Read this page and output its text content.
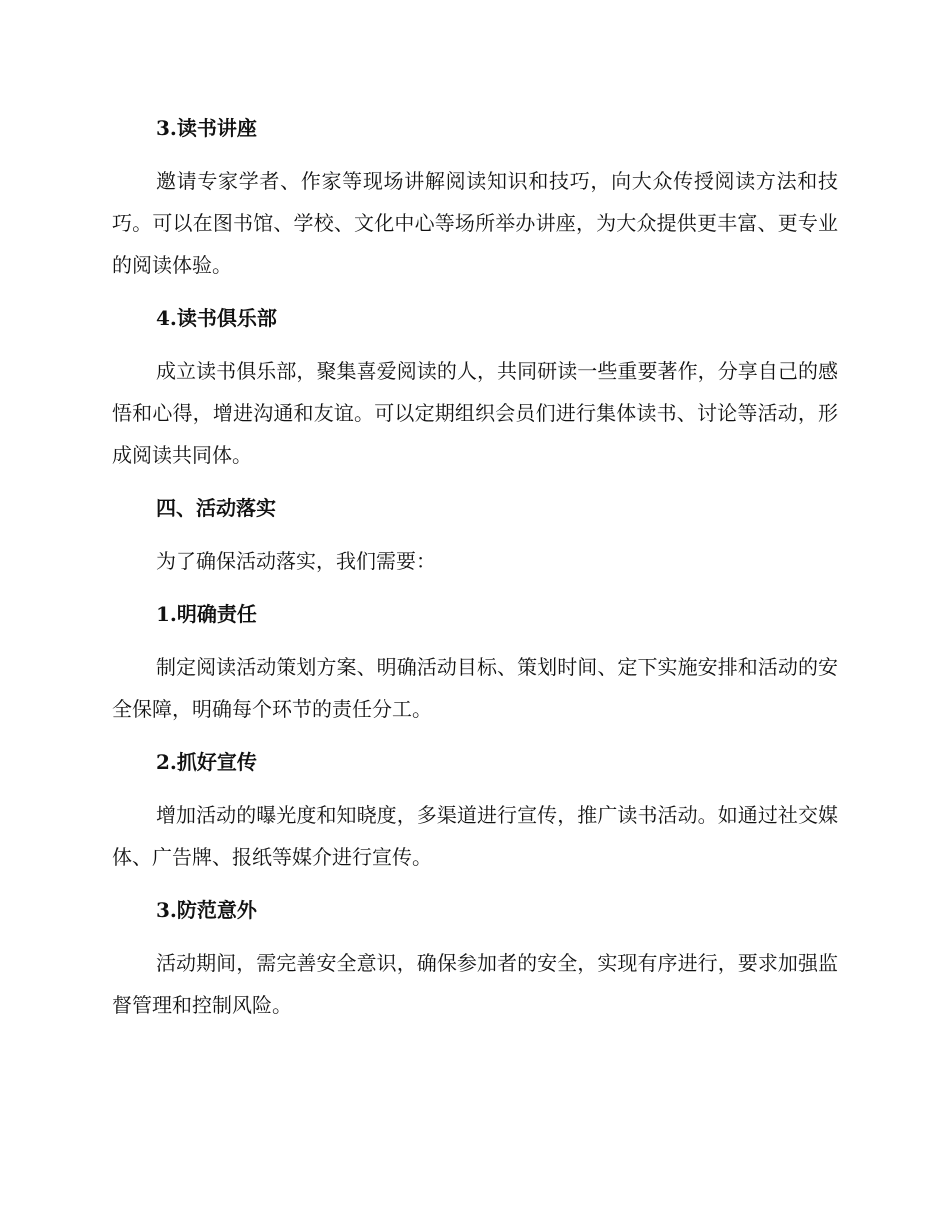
3.读书讲座

邀请专家学者、作家等现场讲解阅读知识和技巧，向大众传授阅读方法和技巧。可以在图书馆、学校、文化中心等场所举办讲座，为大众提供更丰富、更专业的阅读体验。

4.读书俱乐部

成立读书俱乐部，聚集喜爱阅读的人，共同研读一些重要著作，分享自己的感悟和心得，增进沟通和友谊。可以定期组织会员们进行集体读书、讨论等活动，形成阅读共同体。

四、活动落实

为了确保活动落实，我们需要：

1.明确责任

制定阅读活动策划方案、明确活动目标、策划时间、定下实施安排和活动的安全保障，明确每个环节的责任分工。

2.抓好宣传

增加活动的曝光度和知晓度，多渠道进行宣传，推广读书活动。如通过社交媒体、广告牌、报纸等媒介进行宣传。

3.防范意外

活动期间，需完善安全意识，确保参加者的安全，实现有序进行，要求加强监督管理和控制风险。
